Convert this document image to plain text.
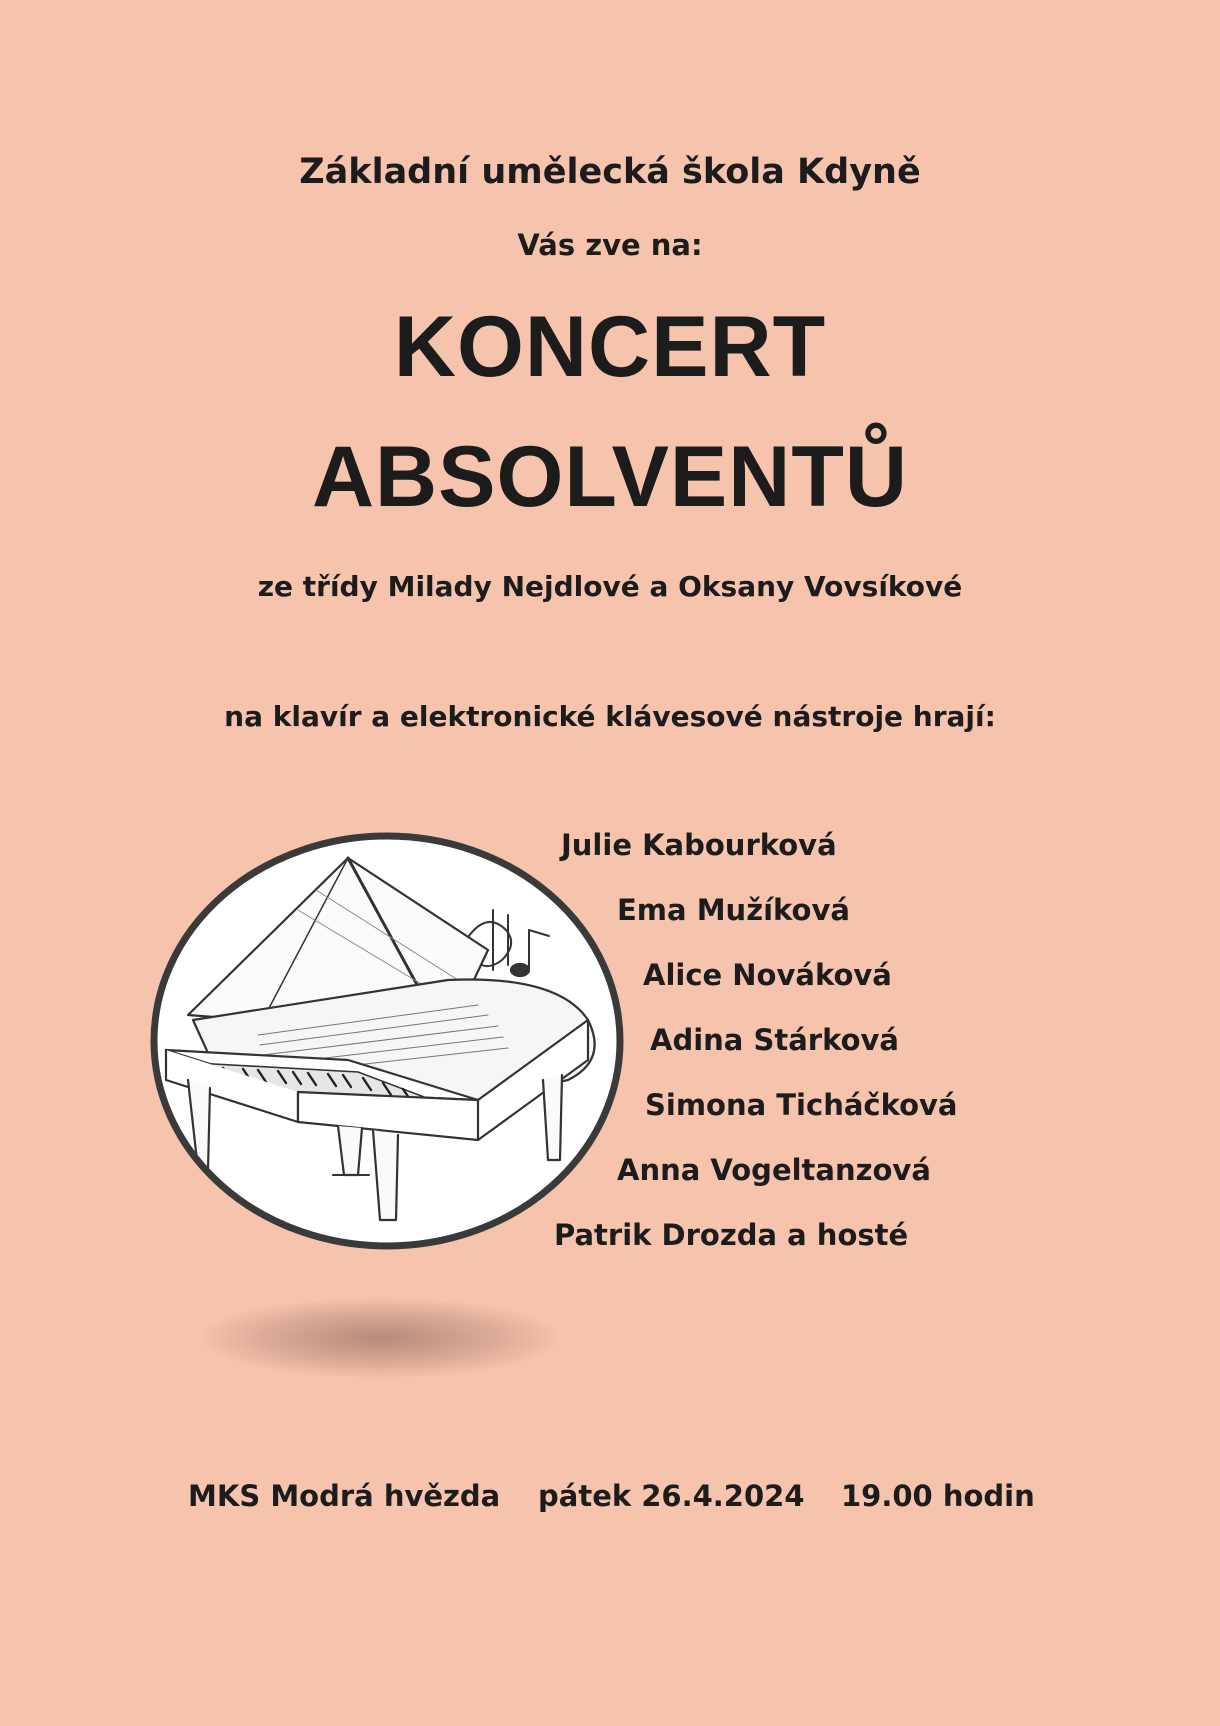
Základní umělecká škola Kdyně
Vás zve na:
KONCERT
ABSOLVENTŮ
ze třídy Milady Nejdlové a Oksany Vovsíkové
na klavír a elektronické klávesové nástroje hrají:
Julie Kabourková
Ema Mužíková
Alice Nováková
Adina Stárková
Simona Ticháčková
Anna Vogeltanzová
Patrik Drozda a hosté
MKS Modrá hvězda pátek 26.4.2024 19.00 hodin
